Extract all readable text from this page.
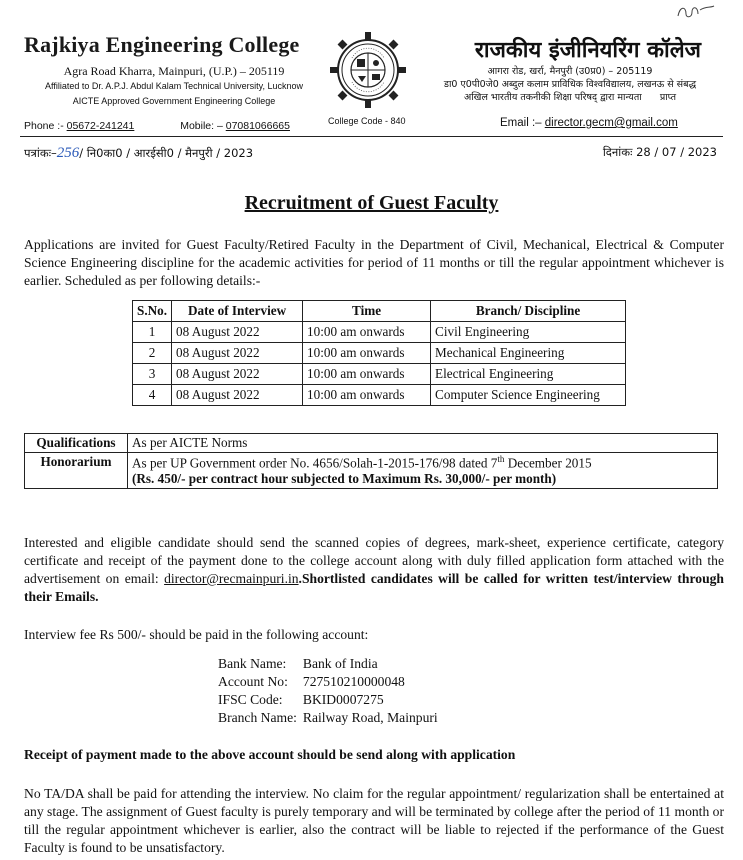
Rajkiya Engineering College
Agra Road Kharra, Mainpuri, (U.P.) – 205119
Affiliated to Dr. A.P.J. Abdul Kalam Technical University, Lucknow
AICTE Approved Government Engineering College
Phone :- 05672-241241	Mobile: – 07081066665	College Code - 840
राजकीय इंजीनियरिंग कॉलेज
आगरा रोड, खर्रा, मैनपुरी (उ0प्र0) – 205119
डा0 ए0पी0जे0 अब्दुल कलाम प्राविधिक विश्वविद्यालय, लखनऊ से संबद्ध
अखिल भारतीय तकनीकी शिक्षा परिषद् द्वारा मान्यता      प्राप्त
Email :– director.gecm@gmail.com
पत्रांकः–256/ नि0का0 / आरईसी0 / मैनपुरी / 2023	दिनांकः 28 / 07 / 2023
Recruitment of Guest Faculty
Applications are invited for Guest Faculty/Retired Faculty in the Department of Civil, Mechanical, Electrical & Computer Science Engineering discipline for the academic activities for period of 11 months or till the regular appointment whichever is earlier. Scheduled as per following details:-
S.No.	Date of Interview	Time	Branch/ Discipline
1	08 August 2022	10:00 am onwards	Civil Engineering
2	08 August 2022	10:00 am onwards	Mechanical Engineering
3	08 August 2022	10:00 am onwards	Electrical Engineering
4	08 August 2022	10:00 am onwards	Computer Science Engineering
Qualifications	As per AICTE Norms
Honorarium	As per UP Government order No. 4656/Solah-1-2015-176/98 dated 7th December 2015
(Rs. 450/- per contract hour subjected to Maximum Rs. 30,000/- per month)
Interested and eligible candidate should send the scanned copies of degrees, mark-sheet, experience certificate, category certificate and receipt of the payment done to the college account along with duly filled application form attached with the advertisement on email: director@recmainpuri.in.Shortlisted candidates will be called for written test/interview through their Emails.
Interview fee Rs 500/- should be paid in the following account:
Bank Name:	Bank of India
Account No:	727510210000048
IFSC Code:	BKID0007275
Branch Name:	Railway Road, Mainpuri
Receipt of payment made to the above account should be send along with application
No TA/DA shall be paid for attending the interview. No claim for the regular appointment/ regularization shall be entertained at any stage. The assignment of Guest faculty is purely temporary and will be terminated by college after the period of 11 month or till the regular appointment whichever is earlier, also the contract will be liable to rejected if the performance of the Guest Faculty is found to be unsatisfactory.
